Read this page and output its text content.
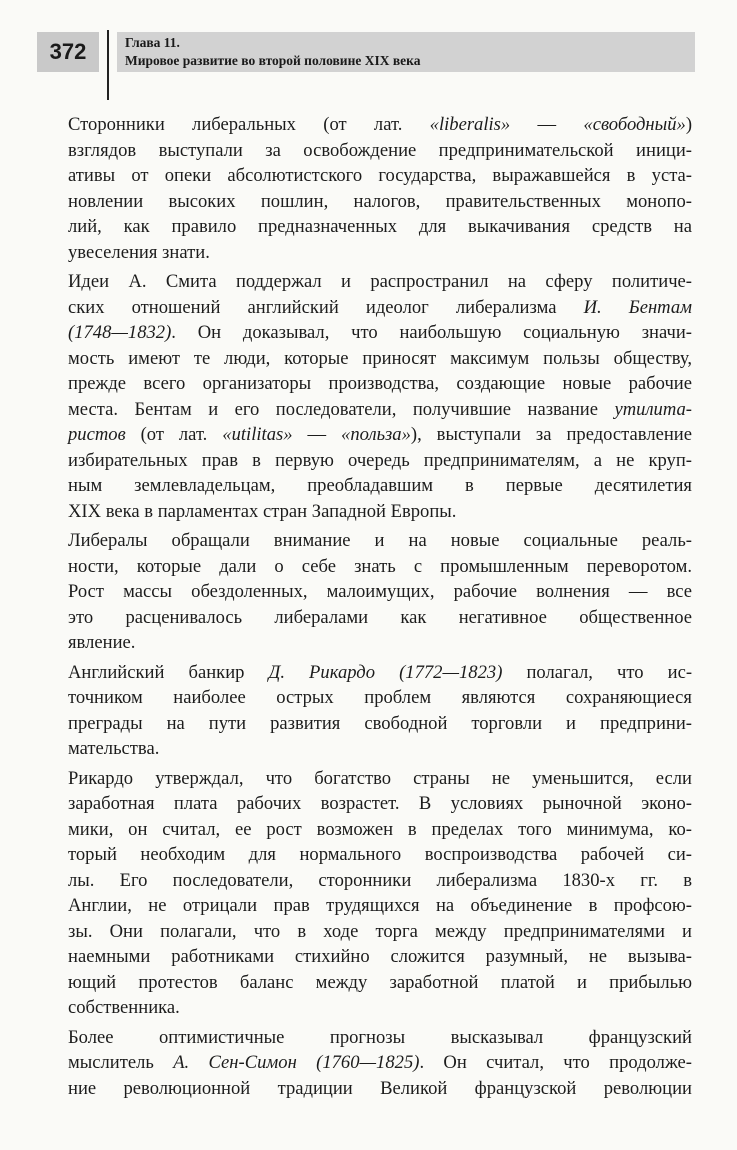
372	Глава 11.
Мировое развитие во второй половине XIX века

Сторонники либеральных (от лат. «liberalis» — «свободный»)
взглядов выступали за освобождение предпринимательской иници-
ативы от опеки абсолютистского государства, выражавшейся в уста-
новлении высоких пошлин, налогов, правительственных монопо-
лий, как правило предназначенных для выкачивания средств на
увеселения знати.

Идеи А. Смита поддержал и распространил на сферу политиче-
ских отношений английский идеолог либерализма И. Бентам
(1748—1832). Он доказывал, что наибольшую социальную значи-
мость имеют те люди, которые приносят максимум пользы обществу,
прежде всего организаторы производства, создающие новые рабочие
места. Бентам и его последователи, получившие название утилита-
ристов (от лат. «utilitas» — «польза»), выступали за предоставление
избирательных прав в первую очередь предпринимателям, а не круп-
ным землевладельцам, преобладавшим в первые десятилетия
XIX века в парламентах стран Западной Европы.

Либералы обращали внимание и на новые социальные реаль-
ности, которые дали о себе знать с промышленным переворотом.
Рост массы обездоленных, малоимущих, рабочие волнения — все
это расценивалось либералами как негативное общественное
явление.

Английский банкир Д. Рикардо (1772—1823) полагал, что ис-
точником наиболее острых проблем являются сохраняющиеся
преграды на пути развития свободной торговли и предприни-
мательства.

Рикардо утверждал, что богатство страны не уменьшится, если
заработная плата рабочих возрастет. В условиях рыночной эконо-
мики, он считал, ее рост возможен в пределах того минимума, ко-
торый необходим для нормального воспроизводства рабочей си-
лы. Его последователи, сторонники либерализма 1830-х гг. в
Англии, не отрицали прав трудящихся на объединение в профсою-
зы. Они полагали, что в ходе торга между предпринимателями и
наемными работниками стихийно сложится разумный, не вызыва-
ющий протестов баланс между заработной платой и прибылью
собственника.

Более оптимистичные прогнозы высказывал французский
мыслитель А. Сен-Симон (1760—1825). Он считал, что продолже-
ние революционной традиции Великой французской революции
